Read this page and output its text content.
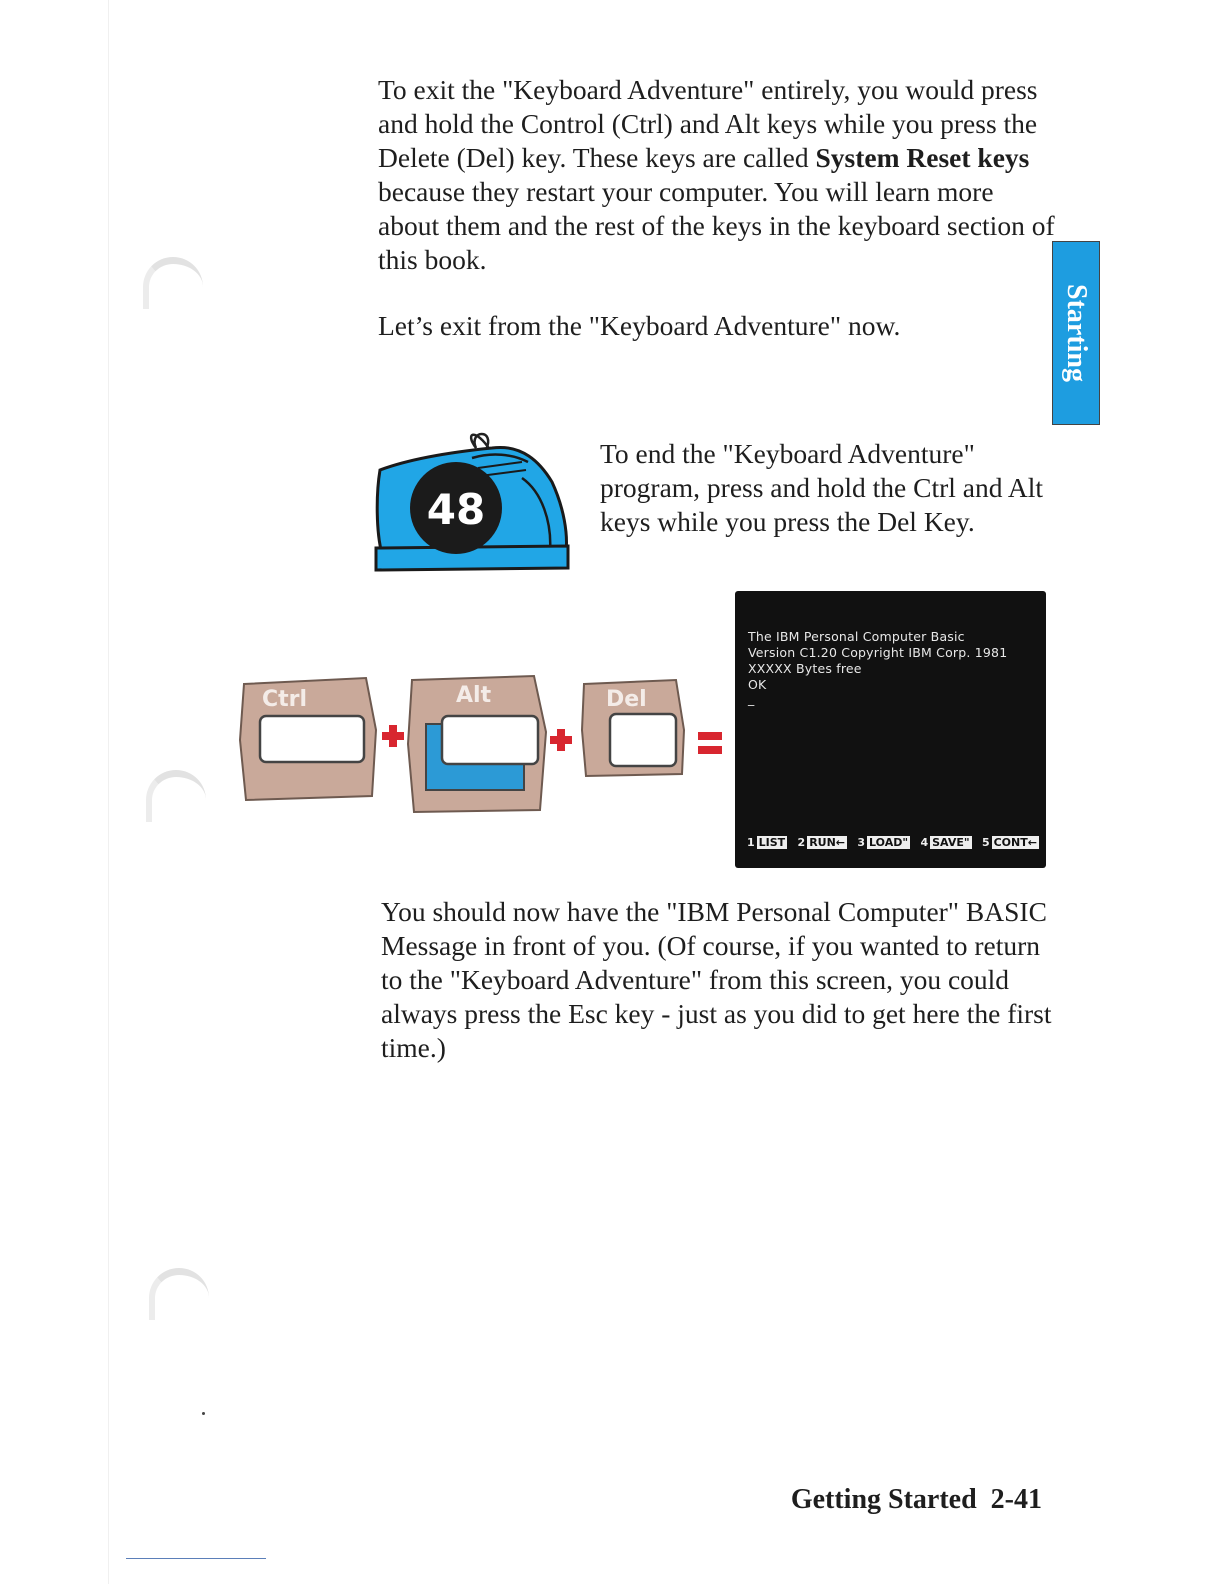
To exit the "Keyboard Adventure" entirely, you would press and hold the Control (Ctrl) and Alt keys while you press the Delete (Del) key. These keys are called System Reset keys because they restart your computer. You will learn more about them and the rest of the keys in the keyboard section of this book.

Let’s exit from the "Keyboard Adventure" now.	Starting
48

To end the "Keyboard Adventure" program, press and hold the Ctrl and Alt keys while you press the Del Key.

Ctrl	Alt	Del
The IBM Personal Computer Basic
Version C1.20 Copyright IBM Corp. 1981
XXXXX Bytes free
OK
_
1 LIST 2 RUN← 3 LOAD" 4 SAVE" 5 CONT←

You should now have the "IBM Personal Computer" BASIC Message in front of you. (Of course, if you wanted to return to the "Keyboard Adventure" from this screen, you could always press the Esc key - just as you did to get here the first time.)

Getting Started 2-41
